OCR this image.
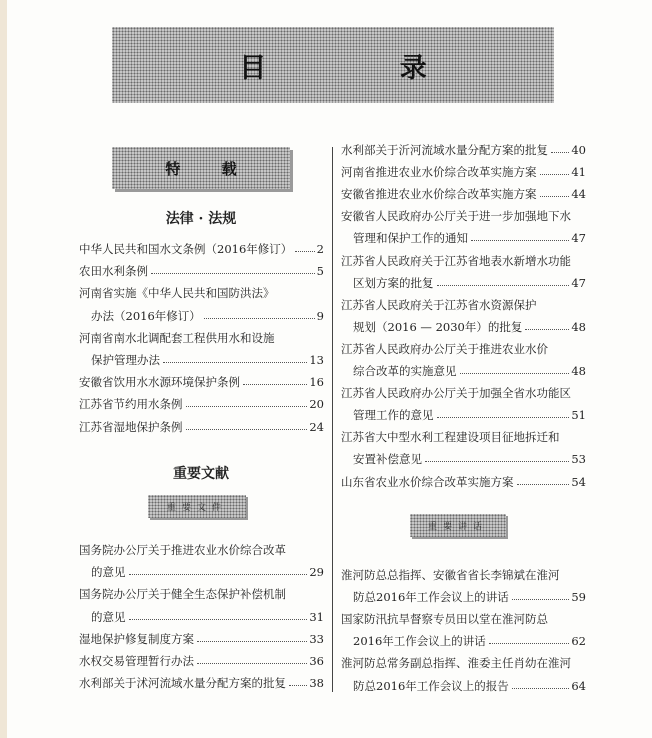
目 录
特 载
法律 · 法规
中华人民共和国水文条例（2016年修订） 2
农田水利条例	5
河南省实施《中华人民共和国防洪法》
办法（2016年修订）	9
河南省南水北调配套工程供用水和设施
保护管理办法	13
安徽省饮用水水源环境保护条例	16
江苏省节约用水条例	20
江苏省湿地保护条例	24
重要文献
重要文件
国务院办公厅关于推进农业水价综合改革
的意见	29
国务院办公厅关于健全生态保护补偿机制
的意见	31
湿地保护修复制度方案	33
水权交易管理暂行办法	36
水利部关于沭河流域水量分配方案的批复 38
水利部关于沂河流域水量分配方案的批复 40
河南省推进农业水价综合改革实施方案	41
安徽省推进农业水价综合改革实施方案	44
安徽省人民政府办公厅关于进一步加强地下水
管理和保护工作的通知	47
江苏省人民政府关于江苏省地表水新增水功能
区划方案的批复	47
江苏省人民政府关于江苏省水资源保护
规划（2016 — 2030年）的批复	48
江苏省人民政府办公厅关于推进农业水价
综合改革的实施意见	48
江苏省人民政府办公厅关于加强全省水功能区
管理工作的意见	51
江苏省大中型水利工程建设项目征地拆迁和
安置补偿意见	53
山东省农业水价综合改革实施方案	54
重要讲话
淮河防总总指挥、安徽省省长李锦斌在淮河
防总2016年工作会议上的讲话	59
国家防汛抗旱督察专员田以堂在淮河防总
2016年工作会议上的讲话	62
淮河防总常务副总指挥、淮委主任肖幼在淮河
防总2016年工作会议上的报告	64
